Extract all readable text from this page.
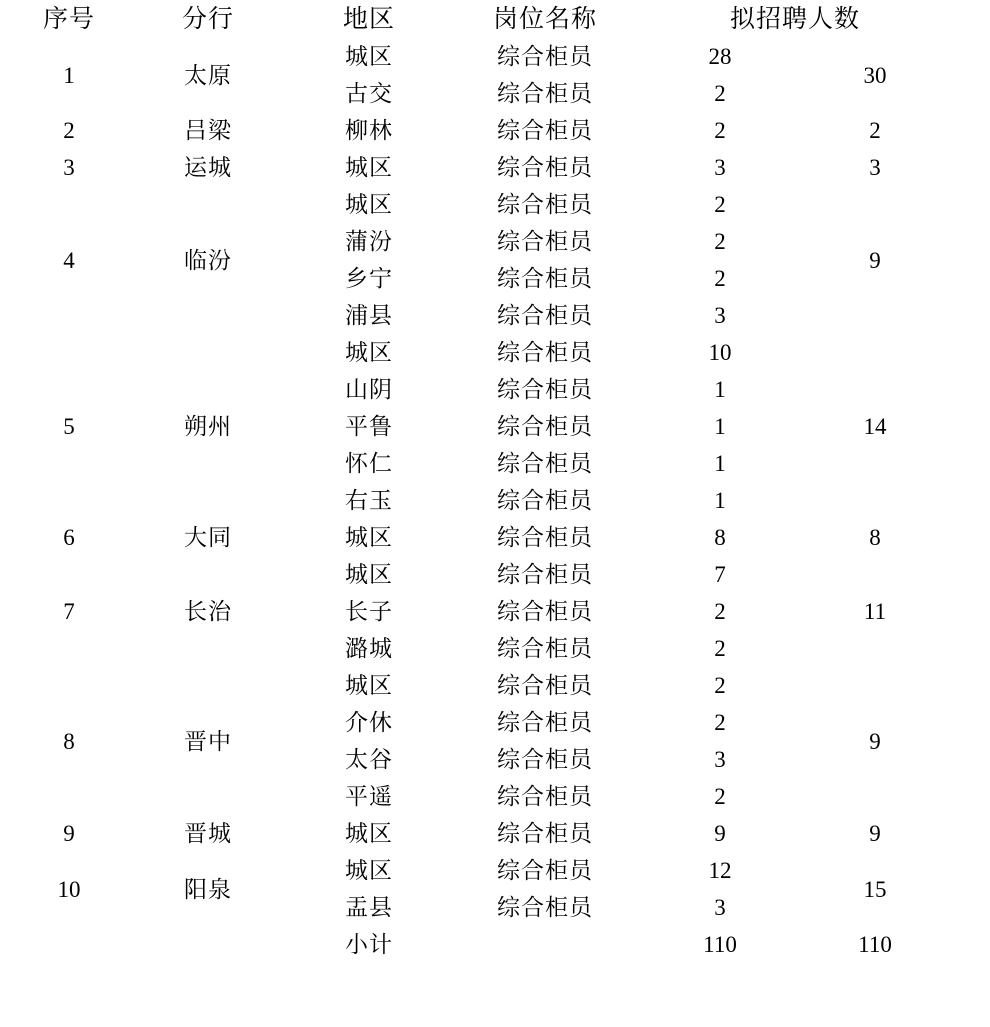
序号	分行	地区	岗位名称	拟招聘人数	
1	太原	城区	综合柜员	28	30
		古交	综合柜员	2	
2	吕梁	柳林	综合柜员	2	2
3	运城	城区	综合柜员	3	3
4	临汾	城区	综合柜员	2	9
		蒲汾	综合柜员	2	
		乡宁	综合柜员	2	
		浦县	综合柜员	3	
5	朔州	城区	综合柜员	10	14
		山阴	综合柜员	1	
		平鲁	综合柜员	1	
		怀仁	综合柜员	1	
		右玉	综合柜员	1	
6	大同	城区	综合柜员	8	8
7	长治	城区	综合柜员	7	11
		长子	综合柜员	2	
		潞城	综合柜员	2	
8	晋中	城区	综合柜员	2	9
		介休	综合柜员	2	
		太谷	综合柜员	3	
		平遥	综合柜员	2	
9	晋城	城区	综合柜员	9	9
10	阳泉	城区	综合柜员	12	15
		盂县	综合柜员	3	
		小计		110	110
